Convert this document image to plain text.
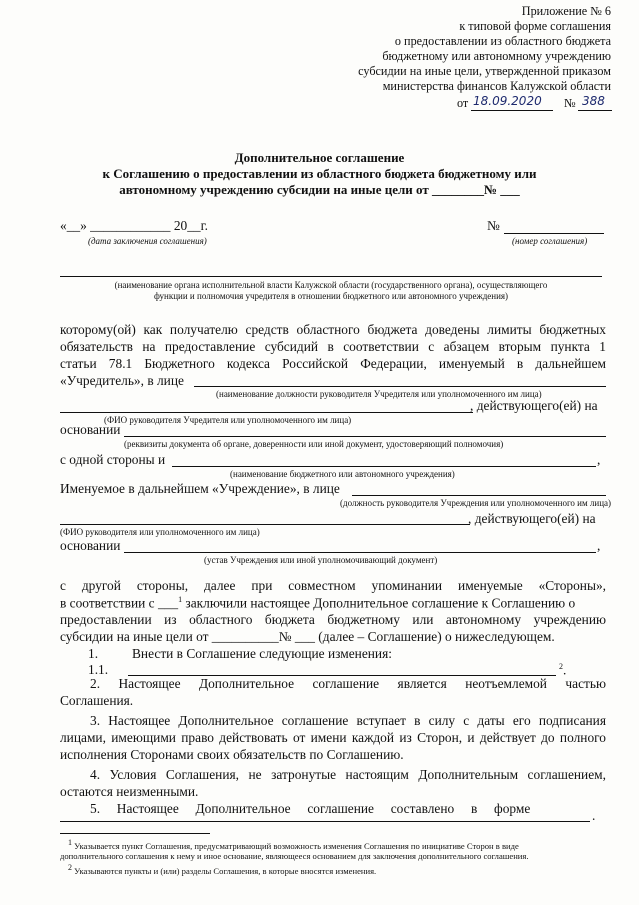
Приложение № 6
к типовой форме соглашения
о предоставлении из областного бюджета
бюджетному или автономному учреждению
субсидии на иные цели, утвержденной приказом
министерства финансов Калужской области
от 18.09.2020 № 388
Дополнительное соглашение
к Соглашению о предоставлении из областного бюджета бюджетному или
автономному учреждению субсидии на иные цели от ________№ ___
«__» ____________ 20__г.
(дата заключения соглашения)
№
(номер соглашения)
(наименование органа исполнительной власти Калужской области (государственного органа), осуществляющего
функции и полномочия учредителя в отношении бюджетного или автономного учреждения)
которому(ой) как получателю средств областного бюджета доведены лимиты бюджетных
обязательств на предоставление субсидий в соответствии с абзацем вторым пункта 1
статьи 78.1 Бюджетного кодекса Российской Федерации, именуемый в дальнейшем
«Учредитель», в лице
(наименование должности руководителя Учредителя или уполномоченного им лица)
, действующего(ей) на
(ФИО руководителя Учредителя или уполномоченного им лица)
основании
(реквизиты документа об органе, доверенности или иной документ, удостоверяющий полномочия)
с одной стороны и	,
(наименование бюджетного или автономного учреждения)
Именуемое в дальнейшем «Учреждение», в лице
(должность руководителя Учреждения или уполномоченного им лица)
, действующего(ей) на
(ФИО руководителя или уполномоченного им лица)
основании	,
(устав Учреждения или иной уполномочивающий документ)
с другой стороны, далее при совместном упоминании именуемые «Стороны»,
в соответствии с ___$^1$ заключили настоящее Дополнительное соглашение к Соглашению о
предоставлении из областного бюджета бюджетному или автономному учреждению
субсидии на иные цели от __________№ ___ (далее – Соглашение) о нижеследующем.
1.	Внести в Соглашение следующие изменения:
1.1.	$^2$.
2. Настоящее Дополнительное соглашение является неотъемлемой частью
Соглашения.
3. Настоящее Дополнительное соглашение вступает в силу с даты его подписания
лицами, имеющими право действовать от имени каждой из Сторон, и действует до полного
исполнения Сторонами своих обязательств по Соглашению.
4. Условия Соглашения, не затронутые настоящим Дополнительным соглашением,
остаются неизменными.
5.     Настоящее     Дополнительное     соглашение     составлено     в     форме	.
$^1$ Указывается пункт Соглашения, предусматривающий возможность изменения Соглашения по инициативе Сторон в виде
дополнительного соглашения к нему и иное основание, являющееся основанием для заключения дополнительного соглашения.
$^2$ Указываются пункты и (или) разделы Соглашения, в которые вносятся изменения.
